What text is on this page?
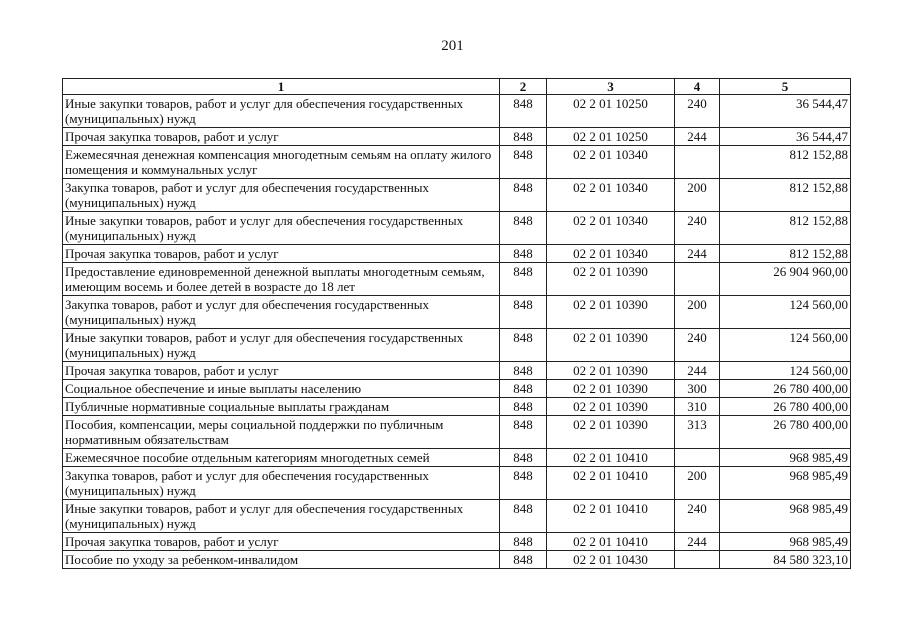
201
1	2	3	4	5
Иные закупки товаров, работ и услуг для обеспечения государственных (муниципальных) нужд	848	02 2 01 10250	240	36 544,47
Прочая закупка товаров, работ и услуг	848	02 2 01 10250	244	36 544,47
Ежемесячная денежная компенсация многодетным семьям на оплату жилого помещения и коммунальных услуг	848	02 2 01 10340		812 152,88
Закупка товаров, работ и услуг для обеспечения государственных (муниципальных) нужд	848	02 2 01 10340	200	812 152,88
Иные закупки товаров, работ и услуг для обеспечения государственных (муниципальных) нужд	848	02 2 01 10340	240	812 152,88
Прочая закупка товаров, работ и услуг	848	02 2 01 10340	244	812 152,88
Предоставление единовременной денежной выплаты многодетным семьям, имеющим восемь и более детей в возрасте до 18 лет	848	02 2 01 10390		26 904 960,00
Закупка товаров, работ и услуг для обеспечения государственных (муниципальных) нужд	848	02 2 01 10390	200	124 560,00
Иные закупки товаров, работ и услуг для обеспечения государственных (муниципальных) нужд	848	02 2 01 10390	240	124 560,00
Прочая закупка товаров, работ и услуг	848	02 2 01 10390	244	124 560,00
Социальное обеспечение и иные выплаты населению	848	02 2 01 10390	300	26 780 400,00
Публичные нормативные социальные выплаты гражданам	848	02 2 01 10390	310	26 780 400,00
Пособия, компенсации, меры социальной поддержки по публичным нормативным обязательствам	848	02 2 01 10390	313	26 780 400,00
Ежемесячное пособие отдельным категориям многодетных семей	848	02 2 01 10410		968 985,49
Закупка товаров, работ и услуг для обеспечения государственных (муниципальных) нужд	848	02 2 01 10410	200	968 985,49
Иные закупки товаров, работ и услуг для обеспечения государственных (муниципальных) нужд	848	02 2 01 10410	240	968 985,49
Прочая закупка товаров, работ и услуг	848	02 2 01 10410	244	968 985,49
Пособие по уходу за ребенком-инвалидом	848	02 2 01 10430		84 580 323,10
